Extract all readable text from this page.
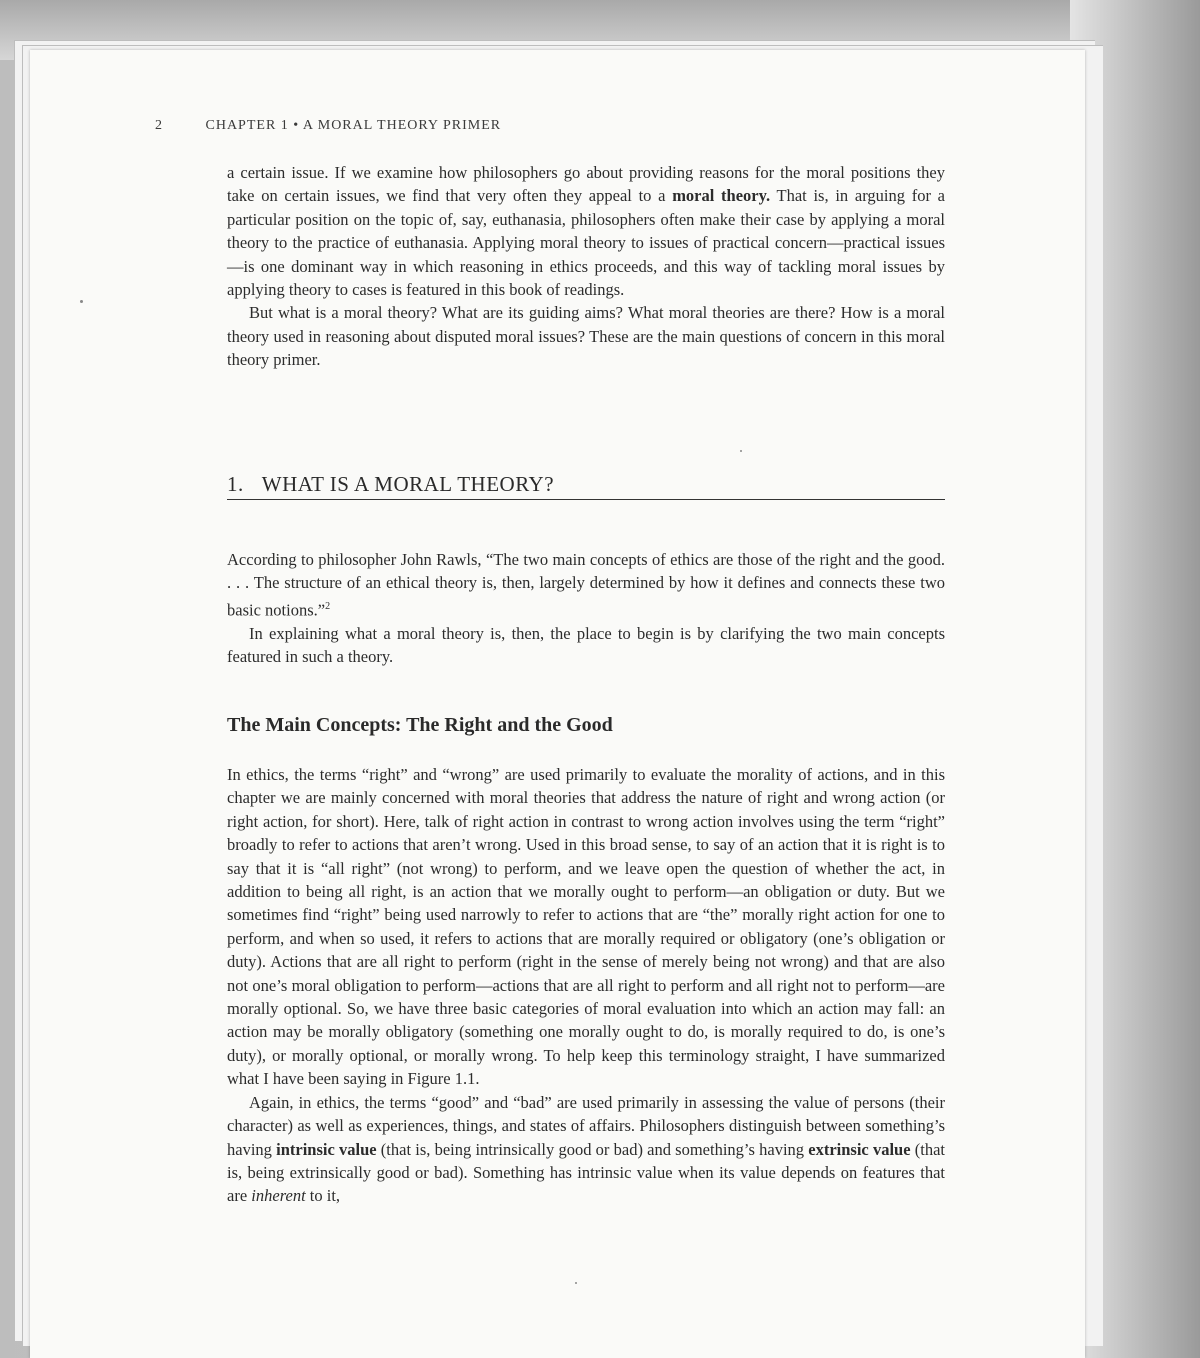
2	CHAPTER 1 • A MORAL THEORY PRIMER

a certain issue. If we examine how philosophers go about providing reasons for the moral positions they take on certain issues, we find that very often they appeal to a moral theory. That is, in arguing for a particular position on the topic of, say, euthanasia, philosophers often make their case by applying a moral theory to the practice of euthanasia. Applying moral theory to issues of practical concern—practical issues—is one dominant way in which reasoning in ethics proceeds, and this way of tackling moral issues by applying theory to cases is featured in this book of readings.

But what is a moral theory? What are its guiding aims? What moral theories are there? How is a moral theory used in reasoning about disputed moral issues? These are the main questions of concern in this moral theory primer.

1. WHAT IS A MORAL THEORY?

According to philosopher John Rawls, “The two main concepts of ethics are those of the right and the good. . . . The structure of an ethical theory is, then, largely determined by how it defines and connects these two basic notions.”$^2$

In explaining what a moral theory is, then, the place to begin is by clarifying the two main concepts featured in such a theory.

The Main Concepts: The Right and the Good

In ethics, the terms “right” and “wrong” are used primarily to evaluate the morality of actions, and in this chapter we are mainly concerned with moral theories that address the nature of right and wrong action (or right action, for short). Here, talk of right action in contrast to wrong action involves using the term “right” broadly to refer to actions that aren’t wrong. Used in this broad sense, to say of an action that it is right is to say that it is “all right” (not wrong) to perform, and we leave open the question of whether the act, in addition to being all right, is an action that we morally ought to perform—an obligation or duty. But we sometimes find “right” being used narrowly to refer to actions that are “the” morally right action for one to perform, and when so used, it refers to actions that are morally required or obligatory (one’s obligation or duty). Actions that are all right to perform (right in the sense of merely being not wrong) and that are also not one’s moral obligation to perform—actions that are all right to perform and all right not to perform—are morally optional. So, we have three basic categories of moral evaluation into which an action may fall: an action may be morally obligatory (something one morally ought to do, is morally required to do, is one’s duty), or morally optional, or morally wrong. To help keep this terminology straight, I have summarized what I have been saying in Figure 1.1.

Again, in ethics, the terms “good” and “bad” are used primarily in assessing the value of persons (their character) as well as experiences, things, and states of affairs. Philosophers distinguish between something’s having intrinsic value (that is, being intrinsically good or bad) and something’s having extrinsic value (that is, being extrinsically good or bad). Something has intrinsic value when its value depends on features that are inherent to it,
